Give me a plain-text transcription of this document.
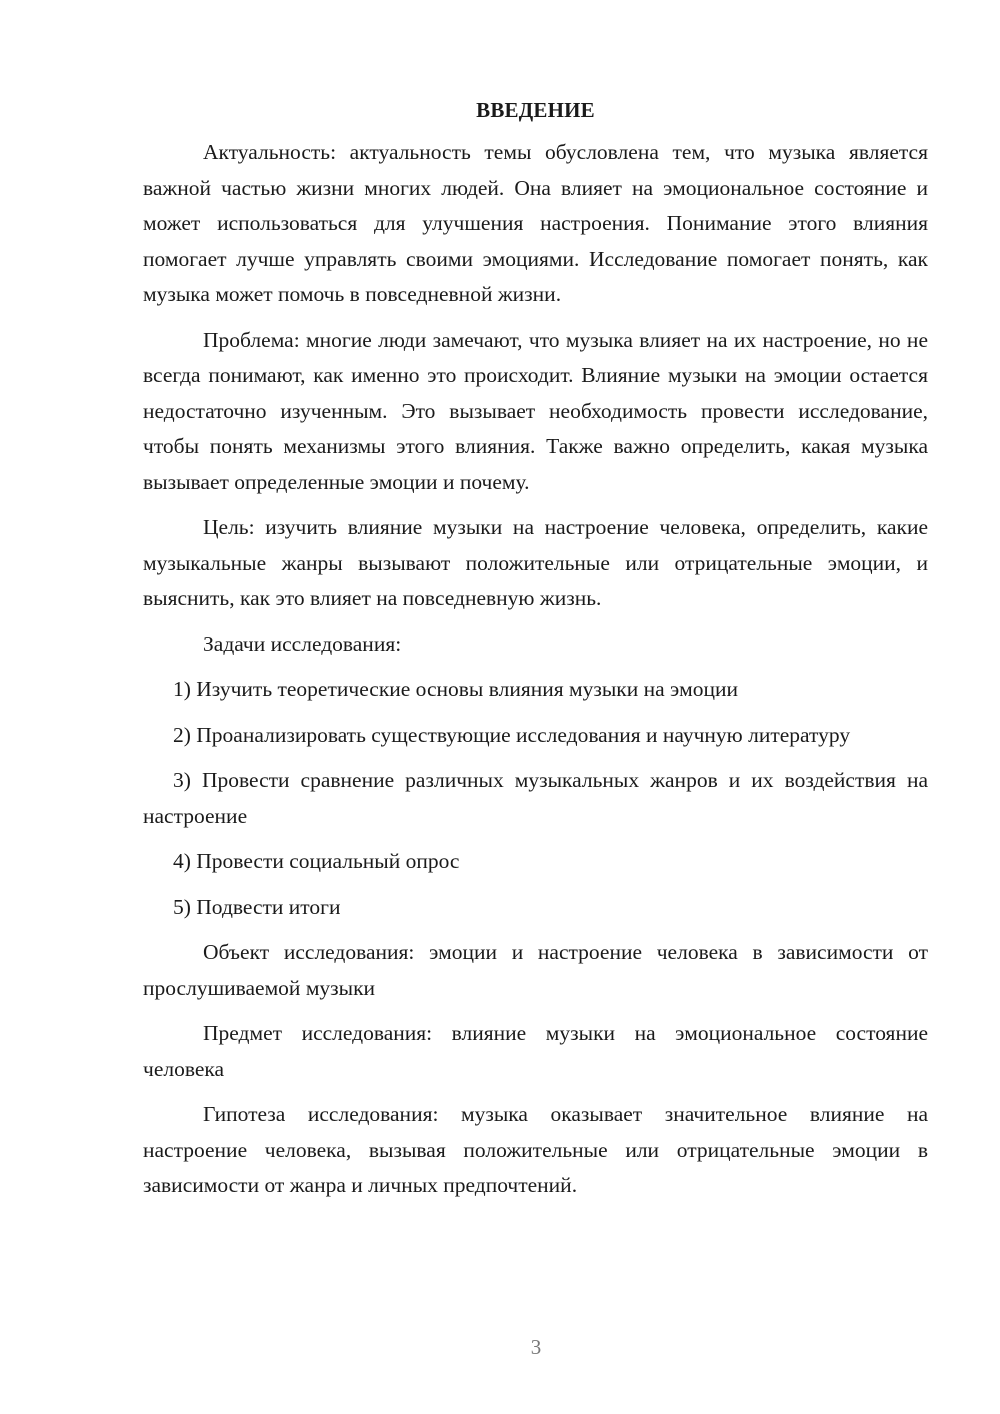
ВВЕДЕНИЕ

Актуальность: актуальность темы обусловлена тем, что музыка является важной частью жизни многих людей. Она влияет на эмоциональное состояние и может использоваться для улучшения настроения. Понимание этого влияния помогает лучше управлять своими эмоциями. Исследование помогает понять, как музыка может помочь в повседневной жизни.

Проблема: многие люди замечают, что музыка влияет на их настроение, но не всегда понимают, как именно это происходит. Влияние музыки на эмоции остается недостаточно изученным. Это вызывает необходимость провести исследование, чтобы понять механизмы этого влияния. Также важно определить, какая музыка вызывает определенные эмоции и почему.

Цель: изучить влияние музыки на настроение человека, определить, какие музыкальные жанры вызывают положительные или отрицательные эмоции, и выяснить, как это влияет на повседневную жизнь.

Задачи исследования:

1) Изучить теоретические основы влияния музыки на эмоции

2) Проанализировать существующие исследования и научную литературу

3) Провести сравнение различных музыкальных жанров и их воздействия на настроение

4) Провести социальный опрос

5) Подвести итоги

Объект исследования: эмоции и настроение человека в зависимости от прослушиваемой музыки

Предмет исследования: влияние музыки на эмоциональное состояние человека

Гипотеза исследования: музыка оказывает значительное влияние на настроение человека, вызывая положительные или отрицательные эмоции в зависимости от жанра и личных предпочтений.

3
